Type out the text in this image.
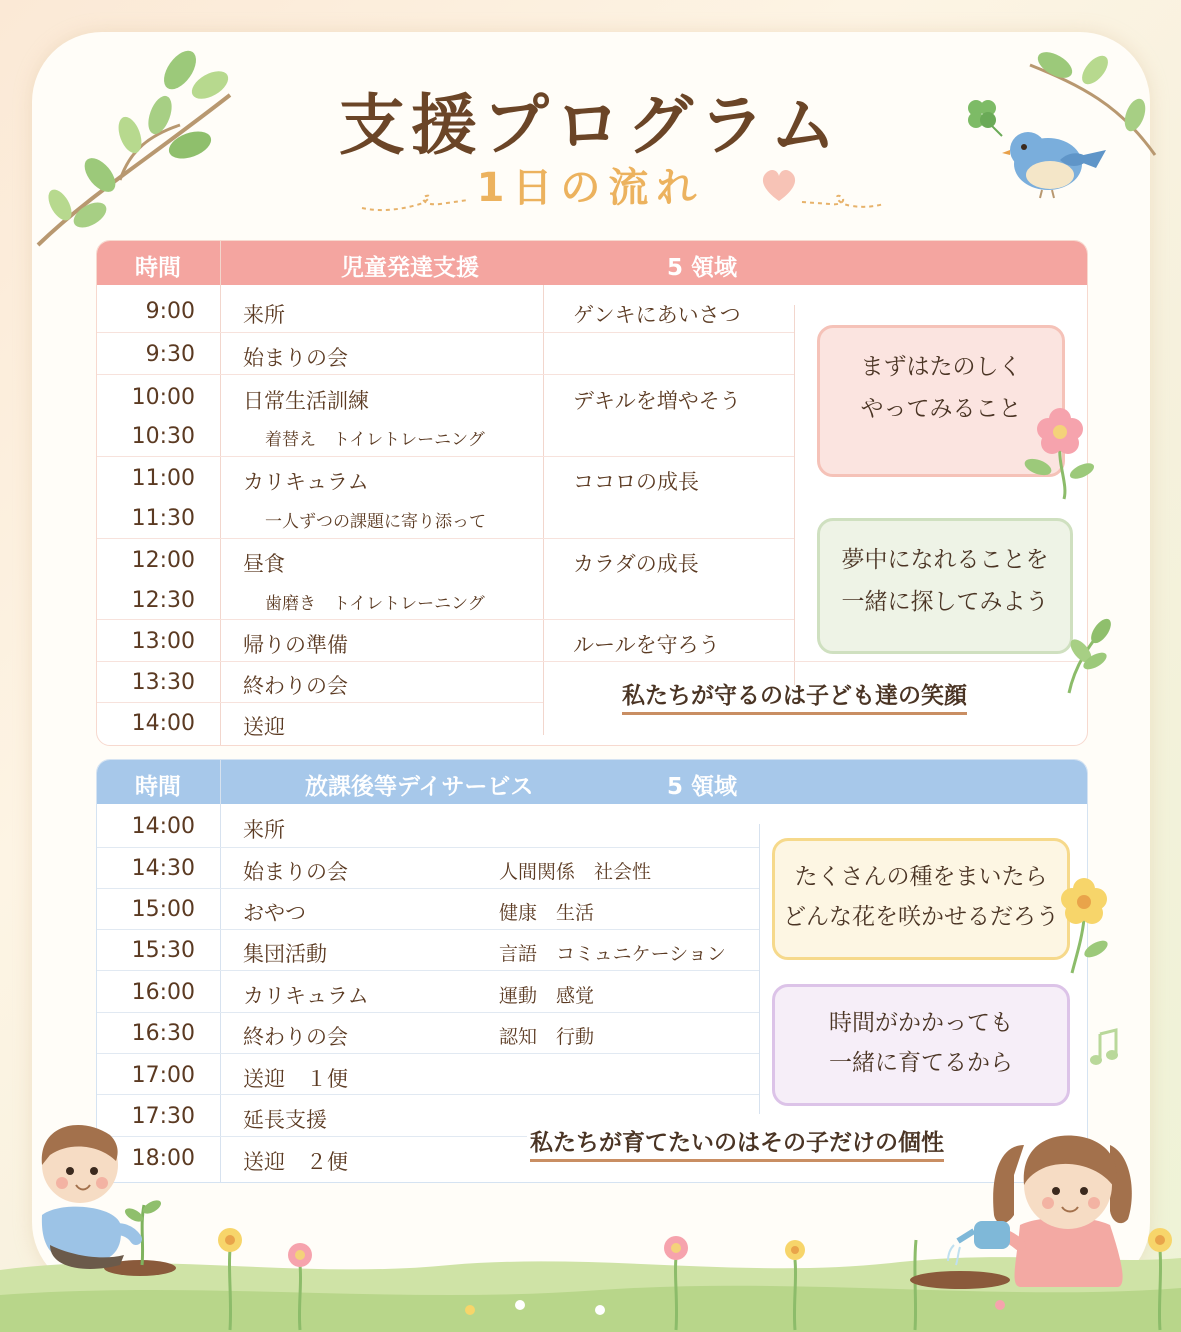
支援プログラム
1日の流れ
時間	児童発達支援	5 領域
9:00 来所	ゲンキにあいさつ
9:30 始まりの会
10:00 日常生活訓練	デキルを増やそう
10:30	着替え　トイレトレーニング
11:00 カリキュラム	ココロの成長
11:30	一人ずつの課題に寄り添って
12:00 昼食	カラダの成長
12:30	歯磨き　トイレトレーニング
13:00 帰りの準備	ルールを守ろう
13:30 終わりの会
14:00 送迎
まずはたのしく
やってみること
夢中になれることを
一緒に探してみよう
私たちが守るのは子ども達の笑顔
時間	放課後等デイサービス	5 領域
14:00 来所
14:30 始まりの会	人間関係　社会性
15:00 おやつ	健康　生活
15:30 集団活動	言語　コミュニケーション
16:00 カリキュラム	運動　感覚
16:30 終わりの会	認知　行動
17:00 送迎　１便
17:30 延長支援
18:00 送迎　２便
たくさんの種をまいたら
どんな花を咲かせるだろう
時間がかかっても
一緒に育てるから
私たちが育てたいのはその子だけの個性
